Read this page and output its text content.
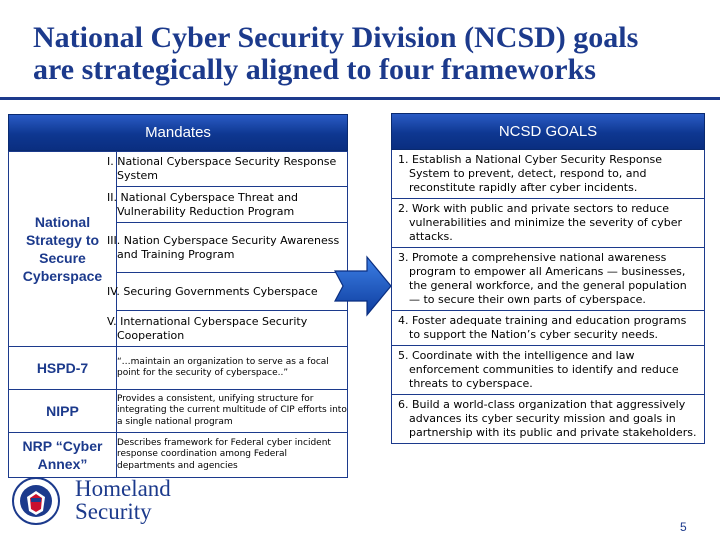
National Cyber Security Division (NCSD) goals
are strategically aligned to four frameworks
Mandates
National Strategy to Secure Cyberspace	I. National Cyberspace Security Response System
	II. National Cyberspace Threat and Vulnerability Reduction Program
	III. Nation Cyberspace Security Awareness and Training Program
	IV. Securing Governments Cyberspace
	V. International Cyberspace Security Cooperation
HSPD-7	“…maintain an organization to serve as a focal point for the security of cyberspace..”
NIPP	Provides a consistent, unifying structure for integrating the current multitude of CIP efforts into a single national program
NRP “Cyber Annex”	Describes framework for Federal cyber incident response coordination among Federal departments and agencies
NCSD GOALS
1. Establish a National Cyber Security Response System to prevent, detect, respond to, and reconstitute rapidly after cyber incidents.
2. Work with public and private sectors to reduce vulnerabilities and minimize the severity of cyber attacks.
3. Promote a comprehensive national awareness program to empower all Americans — businesses, the general workforce, and the general population — to secure their own parts of cyberspace.
4. Foster adequate training and education programs to support the Nation’s cyber security needs.
5. Coordinate with the intelligence and law enforcement communities to identify and reduce threats to cyberspace.
6. Build a world-class organization that aggressively advances its cyber security mission and goals in partnership with its public and private stakeholders.
Homeland
Security
5
